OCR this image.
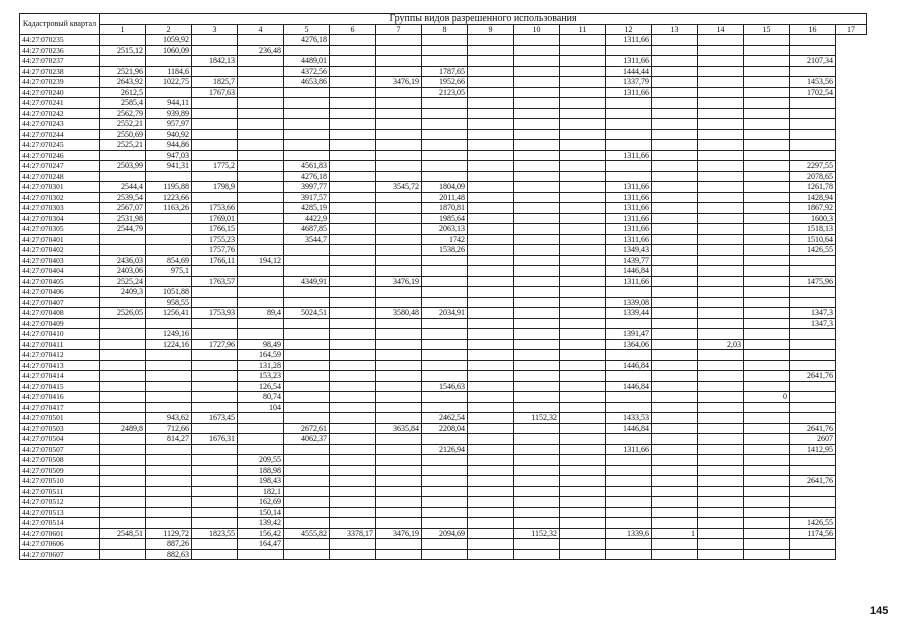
Кадастровый квартал	Группы видов разрешенного использования																
	1	2	3	4	5	6	7	8	9	10	11	12	13	14	15	16	17
44:27:070235		1059,92			4276,18							1311,66					
44:27:070236	2515,12	1060,09		236,48													
44:27:070237			1842,13		4489,01							1311,66				2107,34	
44:27:070238	2521,96	1184,6			4372,56			1787,65				1444,44					
44:27:070239	2643,92	1022,75	1825,7		4653,86		3476,19	1952,66				1337,79				1453,56	
44:27:070240	2612,5		1767,63					2123,05				1311,66				1702,54	
44:27:070241	2585,4	944,11															
44:27:070242	2562,79	939,89															
44:27:070243	2552,21	957,97															
44:27:070244	2550,69	940,92															
44:27:070245	2525,21	944,86															
44:27:070246		947,03										1311,66					
44:27:070247	2503,99	941,31	1775,2		4561,83											2297,55	
44:27:070248					4276,18											2078,65	
44:27:070301	2544,4	1195,88	1798,9		3997,77		3545,72	1804,09				1311,66				1261,78	
44:27:070302	2539,54	1223,66			3917,57			2011,48				1311,66				1428,94	
44:27:070303	2567,07	1163,26	1753,66		4285,19			1870,81				1311,66				1867,92	
44:27:070304	2531,98		1769,01		4422,9			1985,64				1311,66				1600,3	
44:27:070305	2544,79		1766,15		4687,85			2063,13				1311,66				1518,13	
44:27:070401			1755,23		3544,7			1742				1311,66				1510,64	
44:27:070402			1757,76					1538,26				1349,43				1426,55	
44:27:070403	2436,03	854,69	1766,11	194,12								1439,77					
44:27:070404	2403,06	975,1										1446,84					
44:27:070405	2525,24		1763,57		4349,91		3476,19					1311,66				1475,96	
44:27:070406	2409,3	1051,88															
44:27:070407		958,55										1339,08					
44:27:070408	2526,05	1256,41	1753,93	89,4	5024,51		3580,48	2034,91				1339,44				1347,3	
44:27:070409																1347,3	
44:27:070410		1249,16										1391,47					
44:27:070411		1224,16	1727,96	98,49								1364,06		2,03			
44:27:070412				164,59													
44:27:070413				131,28								1446,84					
44:27:070414				153,23												2641,76	
44:27:070415				126,54				1546,63				1446,84					
44:27:070416				80,74											0		
44:27:070417				104													
44:27:070501		943,62	1673,45					2462,54		1152,32		1433,53					
44:27:070503	2489,8	712,66			2672,61		3635,84	2208,04				1446,84				2641,76	
44:27:070504		814,27	1676,31		4062,37											2607	
44:27:070507								2126,94				1311,66				1412,95	
44:27:070508				209,55													
44:27:070509				188,98													
44:27:070510				198,43												2641,76	
44:27:070511				182,1													
44:27:070512				162,69													
44:27:070513				150,14													
44:27:070514				139,42												1426,55	
44:27:070601	2548,51	1129,72	1823,55	156,42	4555,82	3378,17	3476,19	2094,69		1152,32		1339,6	1			1174,56	
44:27:070606		887,26		164,47													
44:27:070607		882,63															
145
